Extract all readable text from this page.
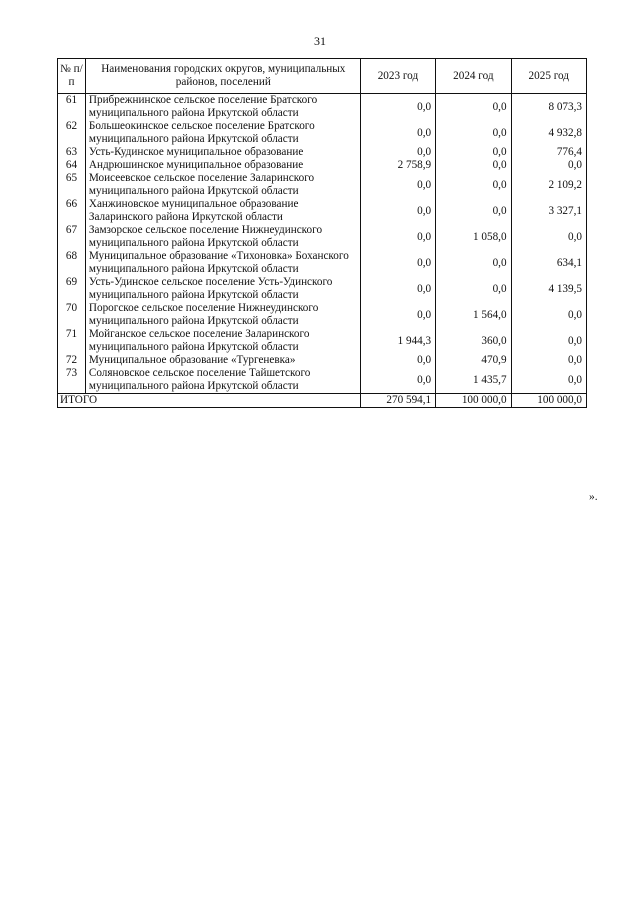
31
№ п/п	Наименования городских округов, муниципальных районов, поселений	2023 год	2024 год	2025 год
61	Прибрежнинское сельское поселение Братского муниципального района Иркутской области	0,0	0,0	8 073,3
62	Большеокинское сельское поселение Братского муниципального района Иркутской области	0,0	0,0	4 932,8
63	Усть-Кудинское муниципальное образование	0,0	0,0	776,4
64	Андрюшинское муниципальное образование	2 758,9	0,0	0,0
65	Моисеевское сельское поселение Заларинского муниципального района Иркутской области	0,0	0,0	2 109,2
66	Ханжиновское муниципальное образование Заларинского района Иркутской области	0,0	0,0	3 327,1
67	Замзорское сельское поселение Нижнеудинского муниципального района Иркутской области	0,0	1 058,0	0,0
68	Муниципальное образование «Тихоновка» Боханского муниципального района Иркутской области	0,0	0,0	634,1
69	Усть-Удинское сельское поселение Усть-Удинского муниципального района Иркутской области	0,0	0,0	4 139,5
70	Порогское сельское поселение Нижнеудинского муниципального района Иркутской области	0,0	1 564,0	0,0
71	Мойганское сельское поселение Заларинского муниципального района Иркутской области	1 944,3	360,0	0,0
72	Муниципальное образование «Тургеневка»	0,0	470,9	0,0
73	Соляновское сельское поселение Тайшетского муниципального района Иркутской области	0,0	1 435,7	0,0
ИТОГО		270 594,1	100 000,0	100 000,0
».
